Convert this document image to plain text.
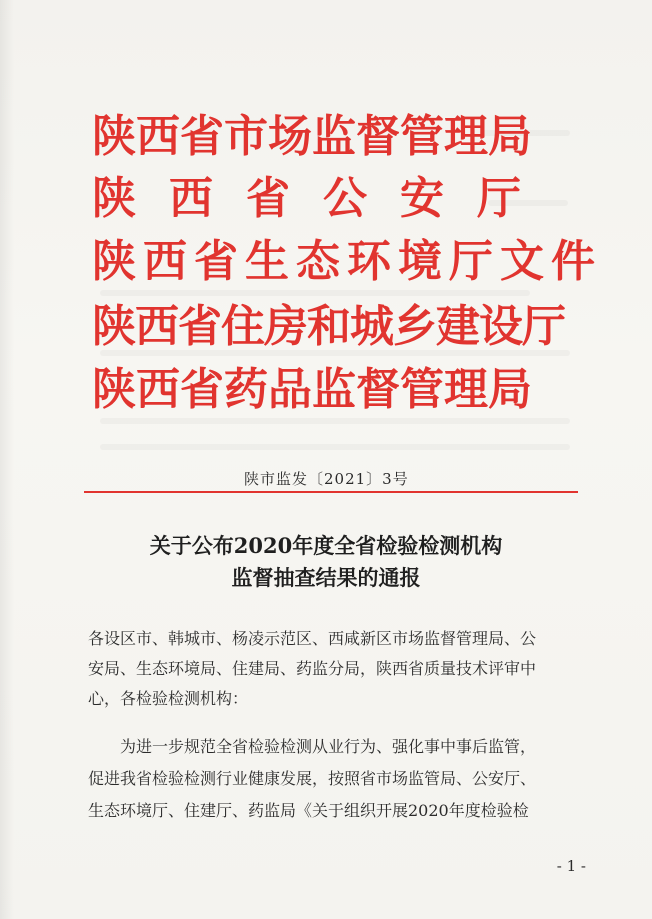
陕西省市场监督管理局
陕西省公安厅
陕西省生态环境厅文件
陕西省住房和城乡建设厅
陕西省药品监督管理局
陕市监发〔2021〕3号
关于公布2020年度全省检验检测机构
监督抽查结果的通报
各设区市、韩城市、杨凌示范区、西咸新区市场监督管理局、公
安局、生态环境局、住建局、药监分局，陕西省质量技术评审中
心，各检验检测机构：
为进一步规范全省检验检测从业行为、强化事中事后监管，
促进我省检验检测行业健康发展，按照省市场监管局、公安厅、
生态环境厅、住建厅、药监局《关于组织开展2020年度检验检
- 1 -
